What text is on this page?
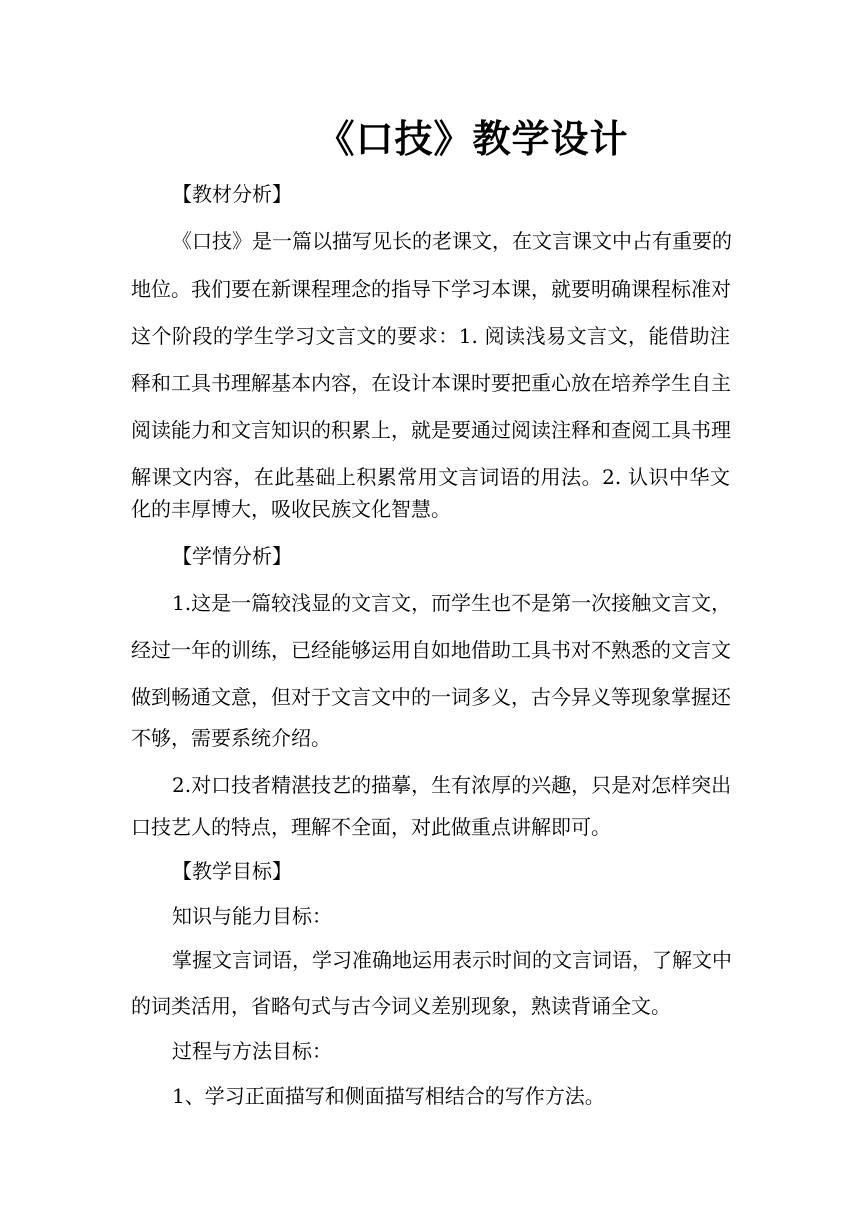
《口技》教学设计
【教材分析】
《口技》是一篇以描写见长的老课文，在文言课文中占有重要的
地位。我们要在新课程理念的指导下学习本课，就要明确课程标准对
这个阶段的学生学习文言文的要求：1. 阅读浅易文言文，能借助注
释和工具书理解基本内容，在设计本课时要把重心放在培养学生自主
阅读能力和文言知识的积累上，就是要通过阅读注释和查阅工具书理
解课文内容，在此基础上积累常用文言词语的用法。2. 认识中华文
化的丰厚博大，吸收民族文化智慧。
【学情分析】
1.这是一篇较浅显的文言文，而学生也不是第一次接触文言文，
经过一年的训练，已经能够运用自如地借助工具书对不熟悉的文言文
做到畅通文意，但对于文言文中的一词多义，古今异义等现象掌握还
不够，需要系统介绍。
2.对口技者精湛技艺的描摹，生有浓厚的兴趣，只是对怎样突出
口技艺人的特点，理解不全面，对此做重点讲解即可。
【教学目标】
知识与能力目标：
掌握文言词语，学习准确地运用表示时间的文言词语，了解文中
的词类活用，省略句式与古今词义差别现象，熟读背诵全文。
过程与方法目标：
1、学习正面描写和侧面描写相结合的写作方法。
